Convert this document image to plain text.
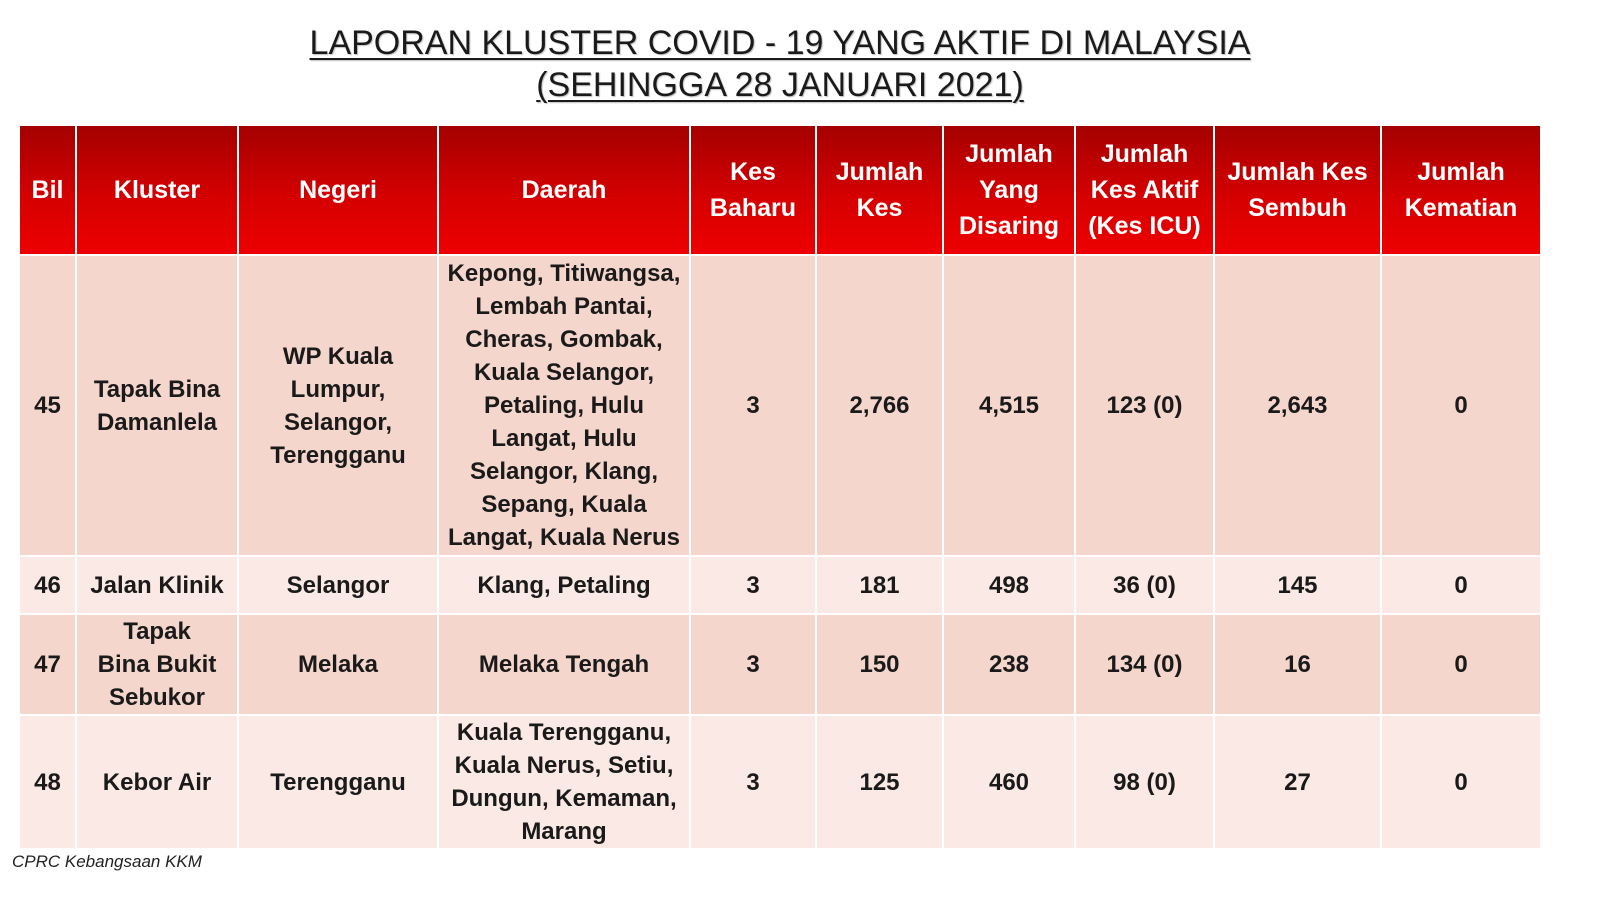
LAPORAN KLUSTER COVID - 19 YANG AKTIF DI MALAYSIA
(SEHINGGA 28 JANUARI 2021)
Bil	Kluster	Negeri	Daerah	Kes Baharu	Jumlah Kes	Jumlah Yang Disaring	Jumlah Kes Aktif (Kes ICU)	Jumlah Kes Sembuh	Jumlah Kematian
45	Tapak Bina Damanlela	WP Kuala Lumpur, Selangor, Terengganu	Kepong, Titiwangsa, Lembah Pantai, Cheras, Gombak, Kuala Selangor, Petaling, Hulu Langat, Hulu Selangor, Klang, Sepang, Kuala Langat, Kuala Nerus	3	2,766	4,515	123 (0)	2,643	0
46	Jalan Klinik	Selangor	Klang, Petaling	3	181	498	36 (0)	145	0
47	Tapak Bina Bukit Sebukor	Melaka	Melaka Tengah	3	150	238	134 (0)	16	0
48	Kebor Air	Terengganu	Kuala Terengganu, Kuala Nerus, Setiu, Dungun, Kemaman, Marang	3	125	460	98 (0)	27	0
CPRC Kebangsaan KKM
